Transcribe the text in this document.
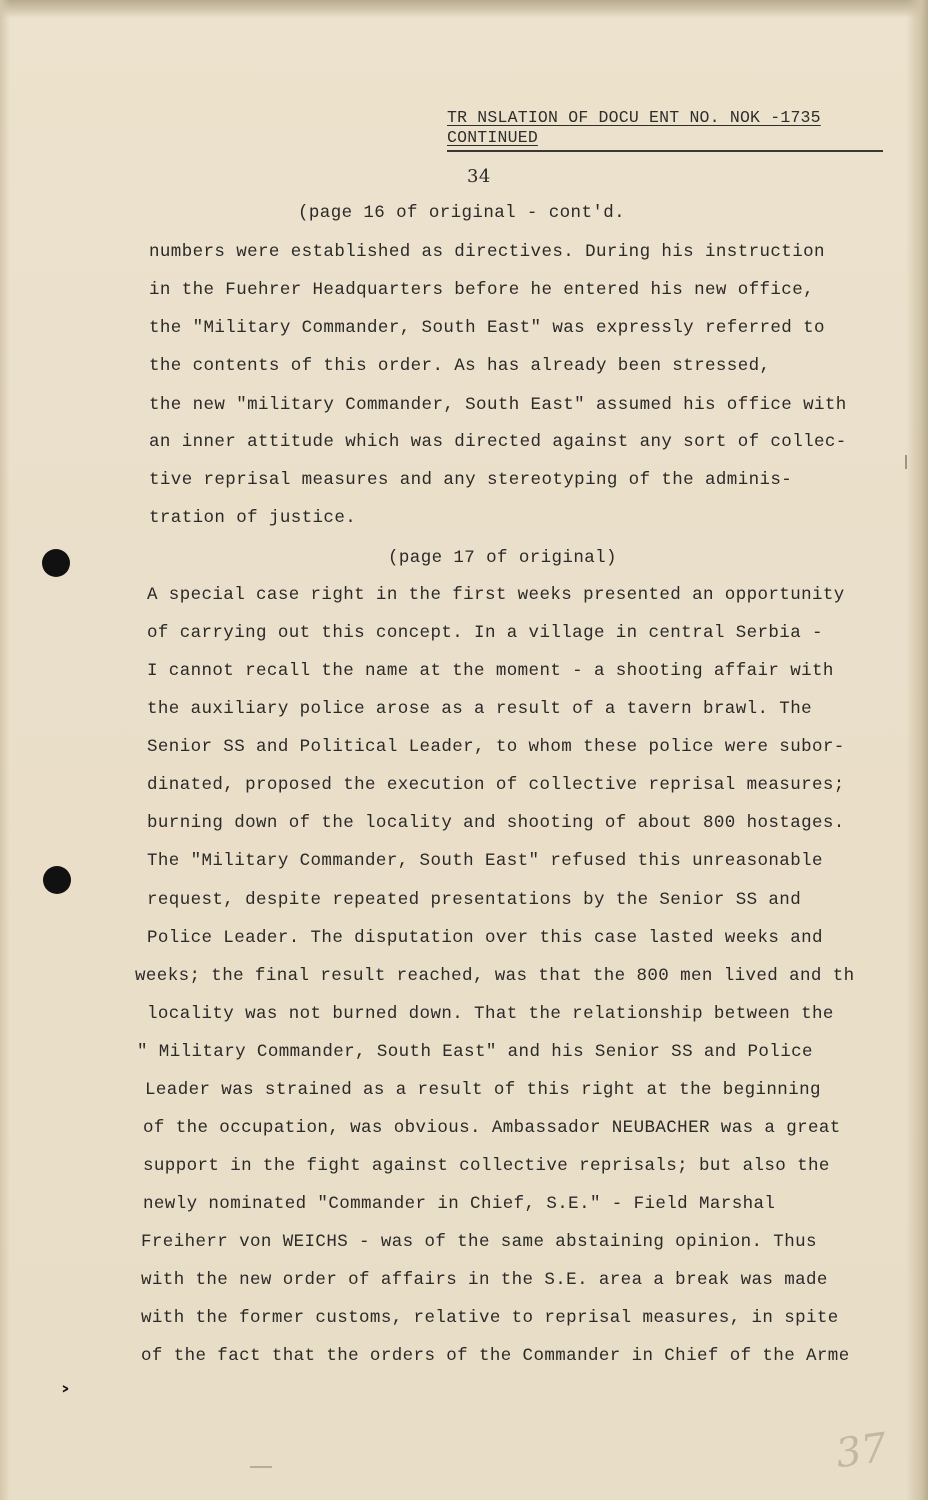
TR NSLATION OF DOCU ENT NO. NOK -1735
CONTINUED
34
(page 16 of original - cont'd.
numbers were established as directives. During his instruction
in the Fuehrer Headquarters before he entered his new office,
the "Military Commander, South East" was expressly referred to
the contents of this order. As has already been stressed,
the new "military Commander, South East" assumed his office with
an inner attitude which was directed against any sort of collec-
tive reprisal measures and any stereotyping of the adminis-
tration of justice.
(page 17 of original)
A special case right in the first weeks presented an opportunity
of carrying out this concept. In a village in central Serbia -
I cannot recall the name at the moment - a shooting affair with
the auxiliary police arose as a result of a tavern brawl. The
Senior SS and Political Leader, to whom these police were subor-
dinated, proposed the execution of collective reprisal measures;
burning down of the locality and shooting of about 800 hostages.
The "Military Commander, South East" refused this unreasonable
request, despite repeated presentations by the Senior SS and
Police Leader. The disputation over this case lasted weeks and
weeks; the final result reached, was that the 800 men lived and th
locality was not burned down. That the relationship between the
" Military Commander, South East" and his Senior SS and Police
Leader was strained as a result of this right at the beginning
of the occupation, was obvious. Ambassador NEUBACHER was a great
support in the fight against collective reprisals; but also the
newly nominated "Commander in Chief, S.E." - Field Marshal
Freiherr von WEICHS - was of the same abstaining opinion. Thus
with the new order of affairs in the S.E. area a break was made
with the former customs, relative to reprisal measures, in spite
of the fact that the orders of the Commander in Chief of the Arme
˃
37
